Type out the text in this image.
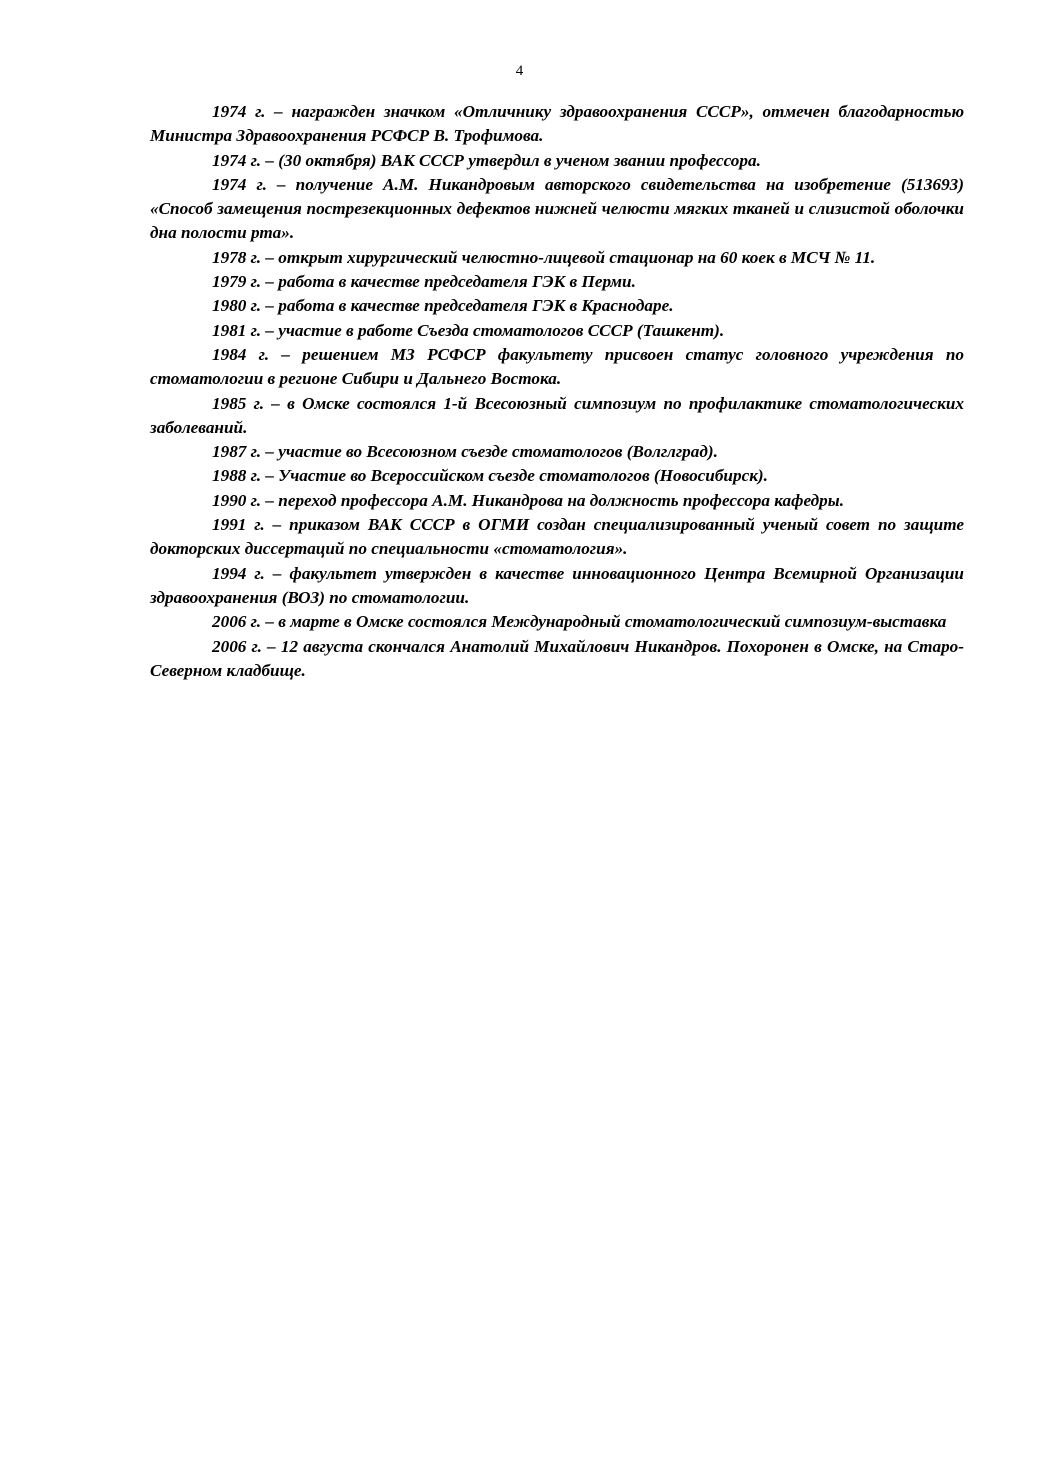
4

1974 г. – награжден значком «Отличнику здравоохранения СССР», отмечен благодарностью Министра Здравоохранения РСФСР В. Трофимова.

1974 г. – (30 октября) ВАК СССР утвердил в ученом звании профессора.

1974 г. – получение А.М. Никандровым авторского свидетельства на изобретение (513693) «Способ замещения пострезекционных дефектов нижней челюсти мягких тканей и слизистой оболочки дна полости рта».

1978 г. – открыт хирургический челюстно-лицевой стационар на 60 коек в МСЧ № 11.

1979 г. – работа в качестве председателя ГЭК в Перми.

1980 г. – работа в качестве председателя ГЭК в Краснодаре.

1981 г. – участие в работе Съезда стоматологов СССР (Ташкент).

1984 г. – решением МЗ РСФСР факультету присвоен статус головного учреждения по стоматологии в регионе Сибири и Дальнего Востока.

1985 г. – в Омске состоялся 1-й Всесоюзный симпозиум по профилактике стоматологических заболеваний.

1987 г. – участие во Всесоюзном съезде стоматологов (Волглград).

1988 г. – Участие во Всероссийском съезде стоматологов (Новосибирск).

1990 г. – переход профессора А.М. Никандрова на должность профессора кафедры.

1991 г. – приказом ВАК СССР в ОГМИ создан специализированный ученый совет по защите докторских диссертаций по специальности «стоматология».

1994 г. – факультет утвержден в качестве инновационного Центра Всемирной Организации здравоохранения (ВОЗ) по стоматологии.

2006 г. – в марте в Омске состоялся Международный стоматологический симпозиум-выставка

2006 г. – 12 августа скончался Анатолий Михайлович Никандров. Похоронен в Омске, на Старо-Северном кладбище.
